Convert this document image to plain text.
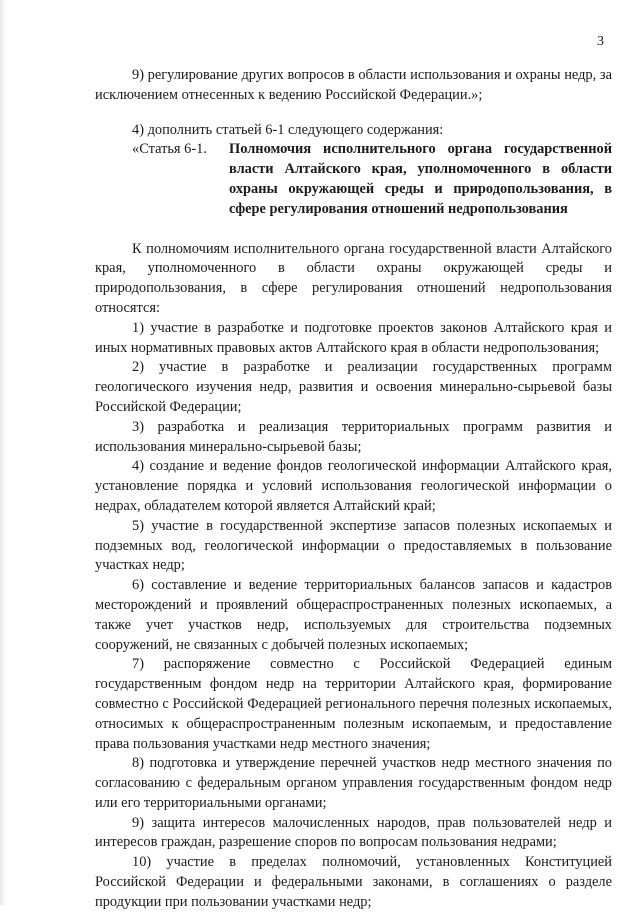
3

9) регулирование других вопросов в области использования и охраны недр, за исключением отнесенных к ведению Российской Федерации.»;

4) дополнить статьей 6-1 следующего содержания:

«Статья 6-1.	Полномочия исполнительного органа государственной власти Алтайского края, уполномоченного в области охраны окружающей среды и природопользования, в сфере регулирования отношений недропользования

К полномочиям исполнительного органа государственной власти Алтайского края, уполномоченного в области охраны окружающей среды и природопользования, в сфере регулирования отношений недропользования относятся:

1) участие в разработке и подготовке проектов законов Алтайского края и иных нормативных правовых актов Алтайского края в области недропользования;

2) участие в разработке и реализации государственных программ геологического изучения недр, развития и освоения минерально-сырьевой базы Российской Федерации;

3) разработка и реализация территориальных программ развития и использования минерально-сырьевой базы;

4) создание и ведение фондов геологической информации Алтайского края, установление порядка и условий использования геологической информации о недрах, обладателем которой является Алтайский край;

5) участие в государственной экспертизе запасов полезных ископаемых и подземных вод, геологической информации о предоставляемых в пользование участках недр;

6) составление и ведение территориальных балансов запасов и кадастров месторождений и проявлений общераспространенных полезных ископаемых, а также учет участков недр, используемых для строительства подземных сооружений, не связанных с добычей полезных ископаемых;

7) распоряжение совместно с Российской Федерацией единым государственным фондом недр на территории Алтайского края, формирование совместно с Российской Федерацией регионального перечня полезных ископаемых, относимых к общераспространенным полезным ископаемым, и предоставление права пользования участками недр местного значения;

8) подготовка и утверждение перечней участков недр местного значения по согласованию с федеральным органом управления государственным фондом недр или его территориальными органами;

9) защита интересов малочисленных народов, прав пользователей недр и интересов граждан, разрешение споров по вопросам пользования недрами;

10) участие в пределах полномочий, установленных Конституцией Российской Федерации и федеральными законами, в соглашениях о разделе продукции при пользовании участками недр;
